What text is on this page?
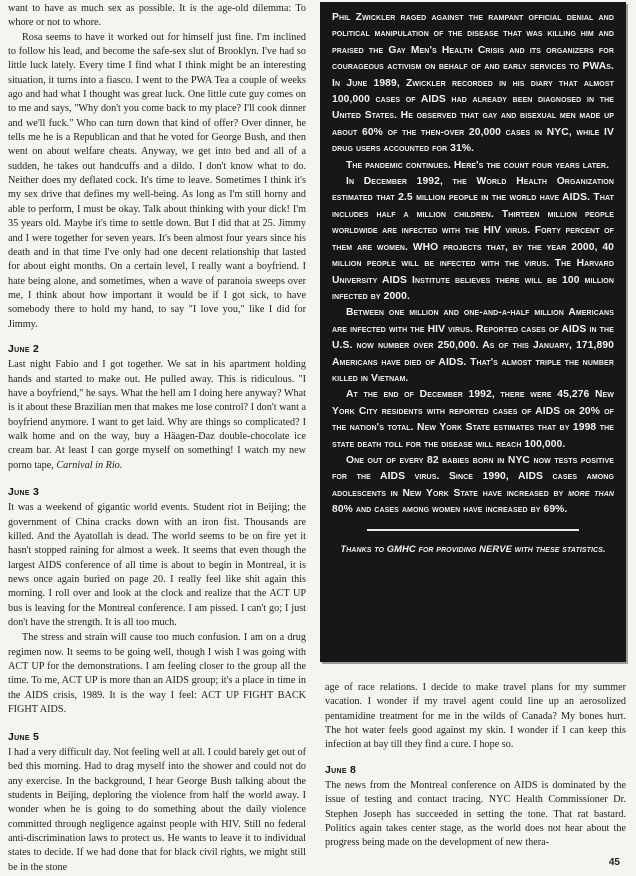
want to have as much sex as possible. It is the age-old dilemma: To whore or not to whore.

Rosa seems to have it worked out for himself just fine. I'm inclined to follow his lead, and become the safe-sex slut of Brooklyn. I've had so little luck lately. Every time I find what I think might be an interesting situation, it turns into a fiasco. I went to the PWA Tea a couple of weeks ago and had what I thought was great luck. One little cute guy comes on to me and says, "Why don't you come back to my place? I'll cook dinner and we'll fuck." Who can turn down that kind of offer? Over dinner, he tells me he is a Republican and that he voted for George Bush, and then went on about welfare cheats. Anyway, we get into bed and all of a sudden, he takes out handcuffs and a dildo. I don't know what to do. Neither does my deflated cock. It's time to leave. Sometimes I think it's my sex drive that defines my well-being. As long as I'm still horny and able to perform, I must be okay. Talk about thinking with your dick! I'm 35 years old. Maybe it's time to settle down. But I did that at 25. Jimmy and I were together for seven years. It's been almost four years since his death and in that time I've only had one decent relationship that lasted for about eight months. On a certain level, I really want a boyfriend. I hate being alone, and sometimes, when a wave of paranoia sweeps over me, I think about how important it would be if I got sick, to have somebody there to hold my hand, to say "I love you," like I did for Jimmy.

June 2

Last night Fabio and I got together. We sat in his apartment holding hands and started to make out. He pulled away. This is ridiculous. "I have a boyfriend," he says. What the hell am I doing here anyway? What is it about these Brazilian men that makes me lose control? I don't want a boyfriend anymore. I want to get laid. Why are things so complicated? I walk home and on the way, buy a Häagen-Daz double-chocolate ice cream bar. At least I can gorge myself on something! I watch my new porno tape, Carnival in Rio.

June 3

It was a weekend of gigantic world events. Student riot in Beijing; the government of China cracks down with an iron fist. Thousands are killed. And the Ayatollah is dead. The world seems to be on fire yet it hasn't stopped raining for almost a week. It seems that even though the largest AIDS conference of all time is about to begin in Montreal, it is news once again buried on page 20. I really feel like shit again this morning. I roll over and look at the clock and realize that the ACT UP bus is leaving for the Montreal conference. I am pissed. I can't go; I just don't have the strength. It is all too much.

The stress and strain will cause too much confusion. I am on a drug regimen now. It seems to be going well, though I wish I was going with ACT UP for the demonstrations. I am feeling closer to the group all the time. To me, ACT UP is more than an AIDS group; it's a place in time in the AIDS crisis, 1989. It is the way I feel: ACT UP FIGHT BACK FIGHT AIDS.

June 5

I had a very difficult day. Not feeling well at all. I could barely get out of bed this morning. Had to drag myself into the shower and could not do any exercise. In the background, I hear George Bush talking about the students in Beijing, deploring the violence from half the world away. I wonder when he is going to do something about the daily violence committed through negligence against people with HIV. Still no federal anti-discrimination laws to protect us. He wants to leave it to individual states to decide. If we had done that for black civil rights, we might still be in the stone

Phil Zwickler raged against the rampant official denial and political manipulation of the disease that was killing him and praised the Gay Men's Health Crisis and its organizers for courageous activism on behalf of and early services to PWAs. In June 1989, Zwickler recorded in his diary that almost 100,000 cases of AIDS had already been diagnosed in the United States. He observed that gay and bisexual men made up about 60% of the then-over 20,000 cases in NYC, while IV drug users accounted for 31%.

The pandemic continues. Here's the count four years later.

In December 1992, the World Health Organization estimated that 2.5 million people in the world have AIDS. That includes half a million children. Thirteen million people worldwide are infected with the HIV virus. Forty percent of them are women. WHO projects that, by the year 2000, 40 million people will be infected with the virus. The Harvard University AIDS Institute believes there will be 100 million infected by 2000.

Between one million and one-and-a-half million Americans are infected with the HIV virus. Reported cases of AIDS in the U.S. now number over 250,000. As of this January, 171,890 Americans have died of AIDS. That's almost triple the number killed in Vietnam.

At the end of December 1992, there were 45,276 New York City residents with reported cases of AIDS or 20% of the nation's total. New York State estimates that by 1998 the state death toll for the disease will reach 100,000.

One out of every 82 babies born in NYC now tests positive for the AIDS virus. Since 1990, AIDS cases among adolescents in New York State have increased by more than 80% and cases among women have increased by 69%.

Thanks to GMHC for providing NERVE with these statistics.

age of race relations. I decide to make travel plans for my summer vacation. I wonder if my travel agent could line up an aerosolized pentamidine treatment for me in the wilds of Canada? My bones hurt. The hot water feels good against my skin. I wonder if I can keep this infection at bay till they find a cure. I hope so.

June 8

The news from the Montreal conference on AIDS is dominated by the issue of testing and contact tracing. NYC Health Commissioner Dr. Stephen Joseph has succeeded in setting the tone. That rat bastard. Politics again takes center stage, as the world does not hear about the progress being made on the development of new thera-

45
